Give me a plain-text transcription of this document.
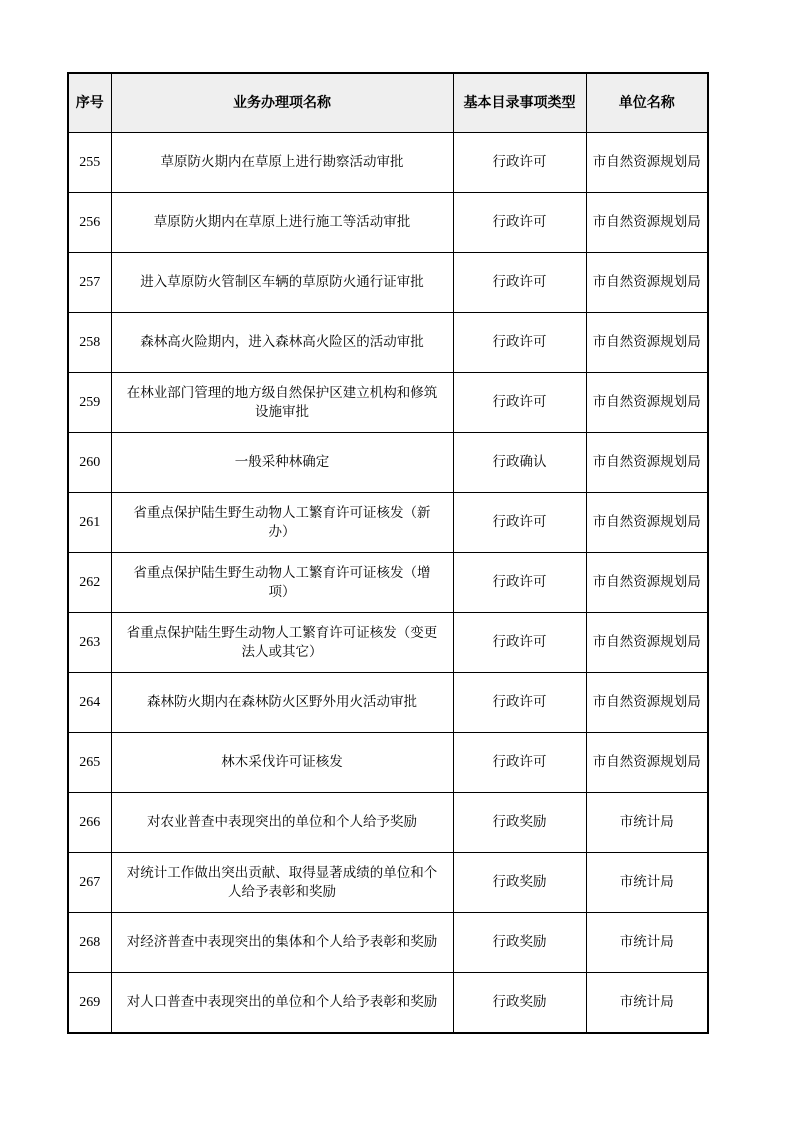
序号	业务办理项名称	基本目录事项类型	单位名称
255	草原防火期内在草原上进行勘察活动审批	行政许可	市自然资源规划局
256	草原防火期内在草原上进行施工等活动审批	行政许可	市自然资源规划局
257	进入草原防火管制区车辆的草原防火通行证审批	行政许可	市自然资源规划局
258	森林高火险期内，进入森林高火险区的活动审批	行政许可	市自然资源规划局
259	在林业部门管理的地方级自然保护区建立机构和修筑设施审批	行政许可	市自然资源规划局
260	一般采种林确定	行政确认	市自然资源规划局
261	省重点保护陆生野生动物人工繁育许可证核发（新办）	行政许可	市自然资源规划局
262	省重点保护陆生野生动物人工繁育许可证核发（增项）	行政许可	市自然资源规划局
263	省重点保护陆生野生动物人工繁育许可证核发（变更法人或其它）	行政许可	市自然资源规划局
264	森林防火期内在森林防火区野外用火活动审批	行政许可	市自然资源规划局
265	林木采伐许可证核发	行政许可	市自然资源规划局
266	对农业普查中表现突出的单位和个人给予奖励	行政奖励	市统计局
267	对统计工作做出突出贡献、取得显著成绩的单位和个人给予表彰和奖励	行政奖励	市统计局
268	对经济普查中表现突出的集体和个人给予表彰和奖励	行政奖励	市统计局
269	对人口普查中表现突出的单位和个人给予表彰和奖励	行政奖励	市统计局
